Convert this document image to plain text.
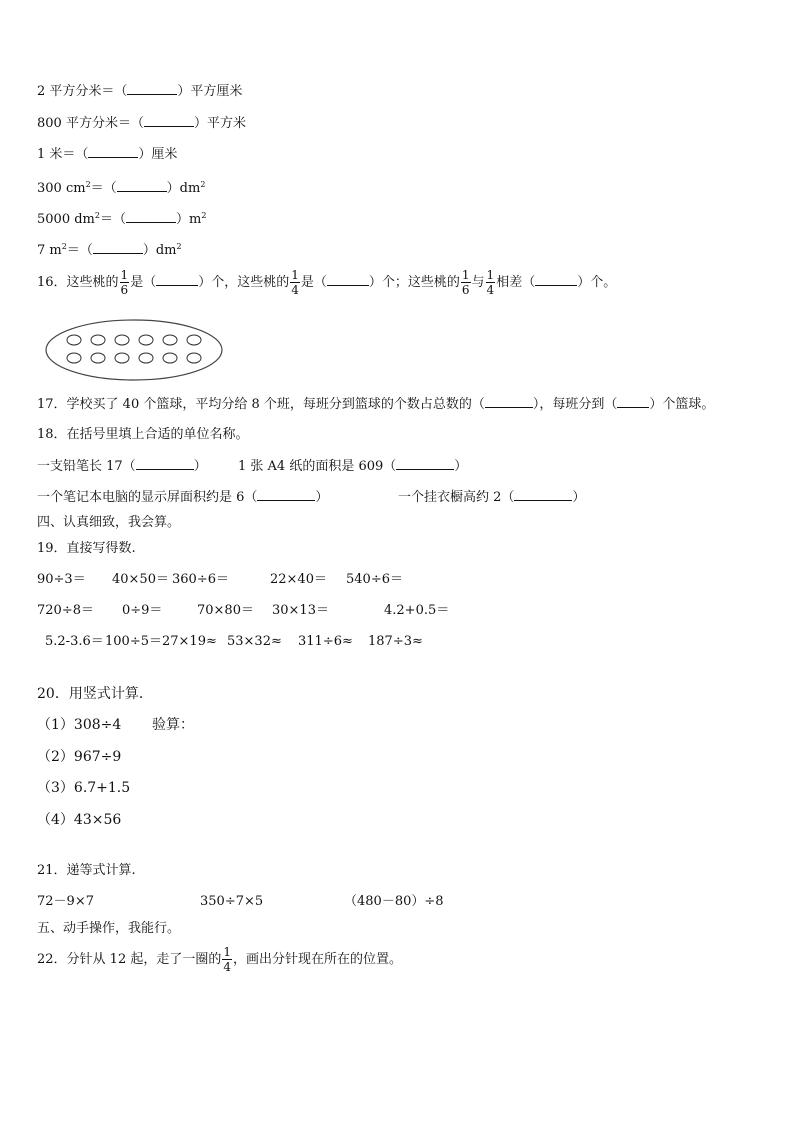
2 平方分米＝（	）平方厘米
800 平方分米＝（	）平方米
1 米＝（	）厘米
300 $cm^2=$（	）$dm^2$
5000 $dm^2=$（	）$m^2$
7 $m^2=$（	）$dm^2$
16．这些桃的 $\frac{1}{6}$ 是（	）个，这些桃的 $\frac{1}{4}$ 是（	）个；这些桃的 $\frac{1}{6}$ 与 $\frac{1}{4}$ 相差（	）个。
17．学校买了 40 个篮球，平均分给 8 个班，每班分到篮球的个数占总数的（	），每班分到（ ）个篮球。
18．在括号里填上合适的单位名称。
一支铅笔长 17（	） 1 张 A4 纸的面积是 609（	）
一个笔记本电脑的显示屏面积约是 6（	）	一个挂衣橱高约 2（	）
四、认真细致，我会算。
19．直接写得数.
90÷3＝ 40×50＝ 360÷6＝	22×40＝ 540÷6＝
720÷8＝ 0÷9＝	70×80＝ 30×13＝	4.2+0.5＝
5.2-3.6＝ 100÷5＝ 27×19≈ 53×32≈ 311÷6≈ 187÷3≈
20．用竖式计算.
（1）308÷4 验算：
（2）967÷9
（3）6.7+1.5
（4）43×56
21．递等式计算.
72－9×7	350÷7×5	（480－80）÷8
五、动手操作，我能行。
22．分针从 12 起，走了一圈的 $\frac{1}{4}$ ，画出分针现在所在的位置。
